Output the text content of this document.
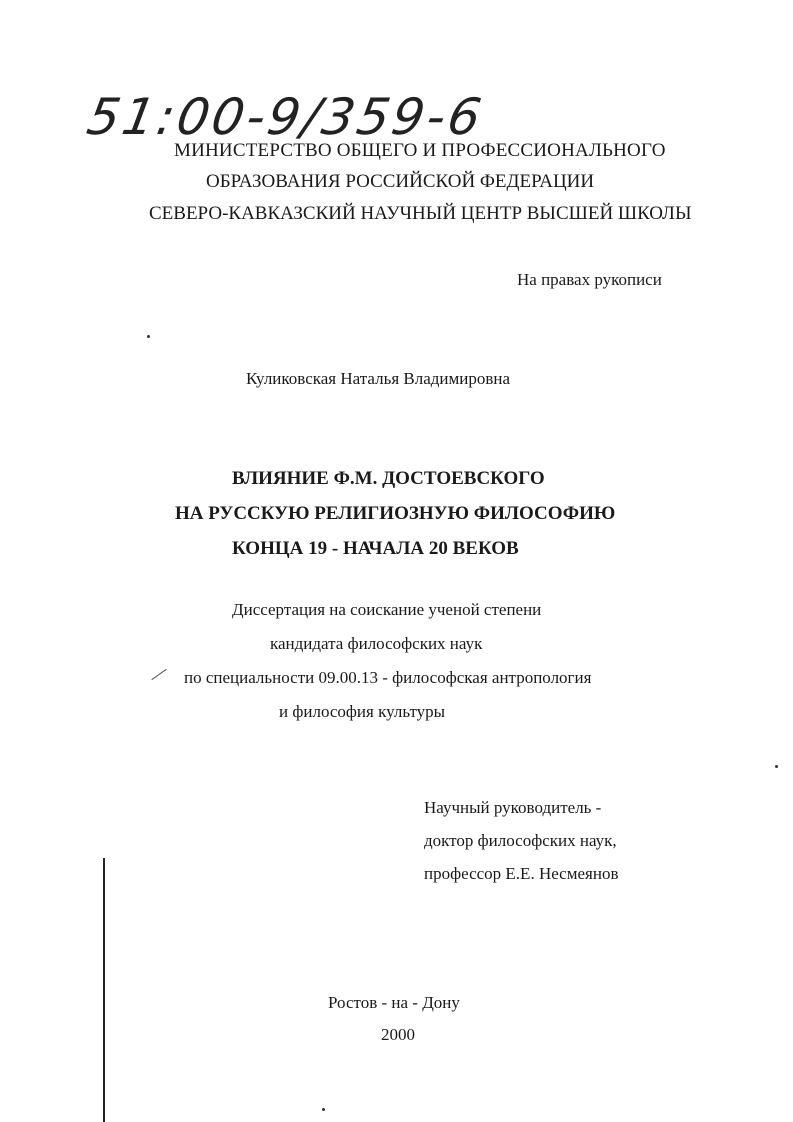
51:00-9/359-6
МИНИСТЕРСТВО ОБЩЕГО И ПРОФЕССИОНАЛЬНОГО
ОБРАЗОВАНИЯ РОССИЙСКОЙ ФЕДЕРАЦИИ
СЕВЕРО-КАВКАЗСКИЙ НАУЧНЫЙ ЦЕНТР ВЫСШЕЙ ШКОЛЫ
На правах рукописи
Куликовская Наталья Владимировна
ВЛИЯНИЕ Ф.М. ДОСТОЕВСКОГО
НА РУССКУЮ РЕЛИГИОЗНУЮ ФИЛОСОФИЮ
КОНЦА 19 - НАЧАЛА 20 ВЕКОВ
Диссертация на соискание ученой степени
кандидата философских наук
по специальности 09.00.13 - философская антропология
и философия культуры
Научный руководитель -
доктор философских наук,
профессор Е.Е. Несмеянов
Ростов - на - Дону
2000
